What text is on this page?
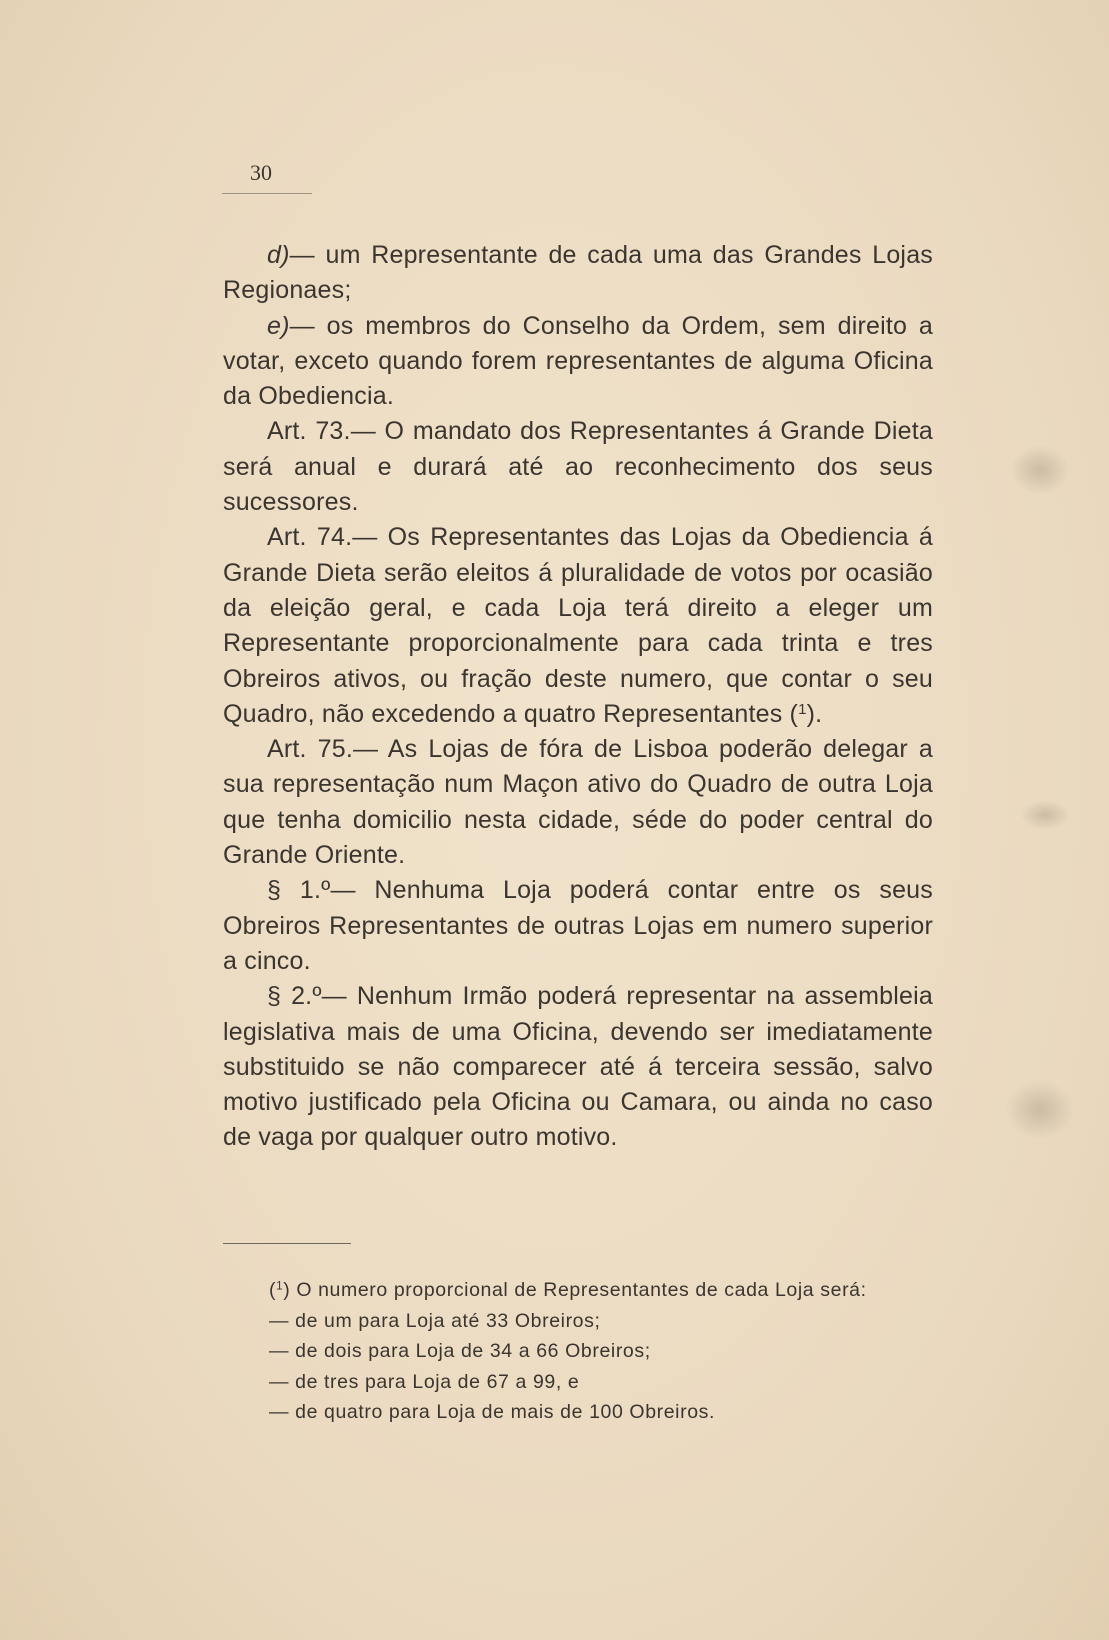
30

d)— um Representante de cada uma das Grandes Lojas Regionaes;

e)— os membros do Conselho da Ordem, sem direito a votar, exceto quando forem representantes de alguma Oficina da Obediencia.

Art. 73.— O mandato dos Representantes á Grande Dieta será anual e durará até ao reconhecimento dos seus sucessores.

Art. 74.— Os Representantes das Lojas da Obediencia á Grande Dieta serão eleitos á pluralidade de votos por ocasião da eleição geral, e cada Loja terá direito a eleger um Representante proporcionalmente para cada trinta e tres Obreiros ativos, ou fração deste numero, que contar o seu Quadro, não excedendo a quatro Representantes ($^1$).

Art. 75.— As Lojas de fóra de Lisboa poderão delegar a sua representação num Maçon ativo do Quadro de outra Loja que tenha domicilio nesta cidade, séde do poder central do Grande Oriente.

§ 1.º— Nenhuma Loja poderá contar entre os seus Obreiros Representantes de outras Lojas em numero superior a cinco.

§ 2.º— Nenhum Irmão poderá representar na assembleia legislativa mais de uma Oficina, devendo ser imediatamente substituido se não comparecer até á terceira sessão, salvo motivo justificado pela Oficina ou Camara, ou ainda no caso de vaga por qualquer outro motivo.

($^1$) O numero proporcional de Representantes de cada Loja será:

— de um para Loja até 33 Obreiros;

— de dois para Loja de 34 a 66 Obreiros;

— de tres para Loja de 67 a 99, e

— de quatro para Loja de mais de 100 Obreiros.
